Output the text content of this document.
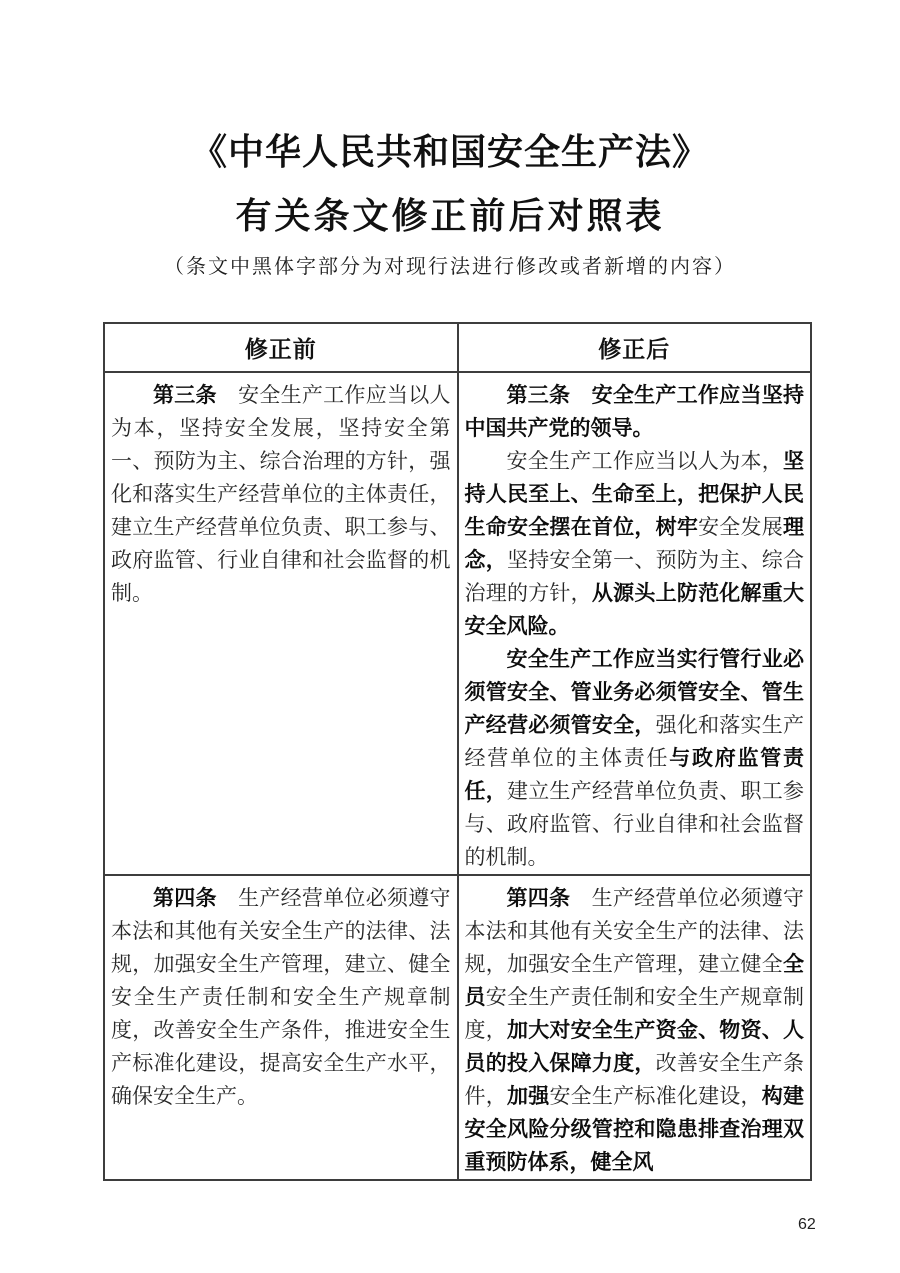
《中华人民共和国安全生产法》
有关条文修正前后对照表

（条文中黑体字部分为对现行法进行修改或者新增的内容）

修正前	修正后

第三条　安全生产工作应当以人为本，坚持安全发展，坚持安全第一、预防为主、综合治理的方针，强化和落实生产经营单位的主体责任，建立生产经营单位负责、职工参与、政府监管、行业自律和社会监督的机制。	第三条　安全生产工作应当坚持中国共产党的领导。

安全生产工作应当以人为本，坚持人民至上、生命至上，把保护人民生命安全摆在首位，树牢安全发展理念，坚持安全第一、预防为主、综合治理的方针，从源头上防范化解重大安全风险。

安全生产工作应当实行管行业必须管安全、管业务必须管安全、管生产经营必须管安全，强化和落实生产经营单位的主体责任与政府监管责任，建立生产经营单位负责、职工参与、政府监管、行业自律和社会监督的机制。

第四条　生产经营单位必须遵守本法和其他有关安全生产的法律、法规，加强安全生产管理，建立、健全安全生产责任制和安全生产规章制度，改善安全生产条件，推进安全生产标准化建设，提高安全生产水平，确保安全生产。	第四条　生产经营单位必须遵守本法和其他有关安全生产的法律、法规，加强安全生产管理，建立健全全员安全生产责任制和安全生产规章制度，加大对安全生产资金、物资、人员的投入保障力度，改善安全生产条件，加强安全生产标准化建设，构建安全风险分级管控和隐患排查治理双重预防体系，健全风

62
